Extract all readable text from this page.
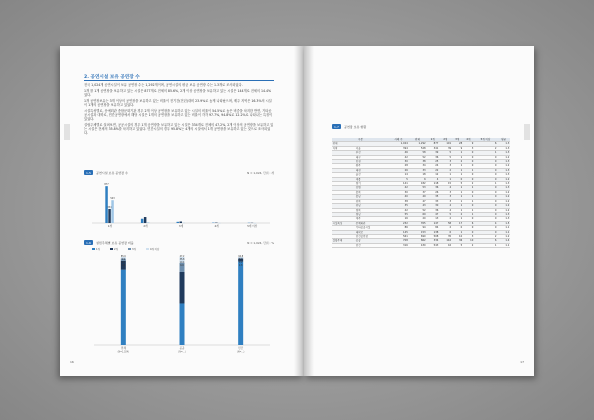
2. 공연시설 보유 공연장 수

전국 1,024개 공연시설이 보유 공연장 수는 1,292개이며, 공연시설의 평균 보유 공연장 수는 1.3개로 조사되었다.

1개 를 1개 공연장을 보유하고 있는 시설은 877개로 전체의 85.6%, 2개 이상 공연장을 보유하고 있는 시설은 144개로 전체의 14.4%였다.

1개 공연장보유는 3개 이상의 공연장을 보유하고 있는 비율이 전기간(전년)대비 23.9%로 높게 나타났으며, 제주 지역은 16.3%의 시설이 1개의 공연장을 보유하고 있었다.

시설특성별로, 문예회관 종합문화기관 경우 2개 이상 공연장을 보유하고 있는 시설의 비율이 54.5%로 높은 비중을 차지한 반면, 기타공공시설과 대학로, 민간공연장에서 해당 시설은 1개의 공연장을 보유하고 있는 비율이 각각 97.7%, 94.8%로 12.2%로 나타나는 특징이 있었다.

설립주체별로 살펴보면, 공공시설의 경우 1개 공연장을 보유하고 있는 시설은 334개로 전체의 47.2%, 2개 이상의 공연장을 보유하고 있는 시설은 전체의 35.8%를 차지하고 있었다. 민간시설의 경우 95.8%는 4개의 시설에서 1개 공연장을 보유하고 있는 것으로 조사되었다.

1-5	공연시설 보유 공연장 수	N = 1,024, 단위 : 개
877
334
543
1개	2개	3개	4개	5개 이상
1-6	설립주체별 보유 공연장 비율	N = 1,024, 단위 : %
1개	2개	3개	4개 이상
85.6
9.9
2.7
1.8
전체
(N=1,024)
47.2
35.8
10.4
6.6
공공
(N=...)
94.8
3.2
1.2
0.8
민간
(N=...)
16
1-7	공연장 보유 현황
구분		사례 수	전체	1개	2개	3개	4개	5개 이상	평균
전체		1,024	1,292	877	101	28	9	6	1.3
지역	서울	394	528	341	39	9	3	2	1.3
	부산	46	58	39	5	1	0	1	1.3
	대구	42	52	36	5	1	0	0	1.2
	인천	30	38	25	3	2	0	0	1.3
	광주	28	34	24	3	1	0	0	1.2
	대전	26	33	22	2	1	1	0	1.3
	울산	14	18	12	1	1	0	0	1.3
	세종	5	6	4	1	0	0	0	1.2
	경기	141	182	118	15	5	2	1	1.3
	강원	42	53	36	4	1	1	0	1.3
	충북	30	37	26	3	1	0	0	1.2
	충남	40	49	35	3	1	1	0	1.2
	전북	38	47	33	3	1	1	0	1.2
	전남	35	43	30	4	1	0	0	1.2
	경북	42	52	36	4	1	1	0	1.2
	경남	55	69	47	5	2	1	0	1.3
	제주	16	20	13	2	1	0	0	1.3
시설특성	문예회관	232	355	147	58	17	6	4	1.5
	기타공공시설	86	94	84	2	0	0	0	1.1
	대학로	145	153	138	6	1	0	0	1.1
	민간공연장	561	690	508	35	10	3	2	1.2
설립주체	공공	708	862	334	142	36	10	6	1.4
	민간	316	430	543	16	5	2	1	1.1
17
